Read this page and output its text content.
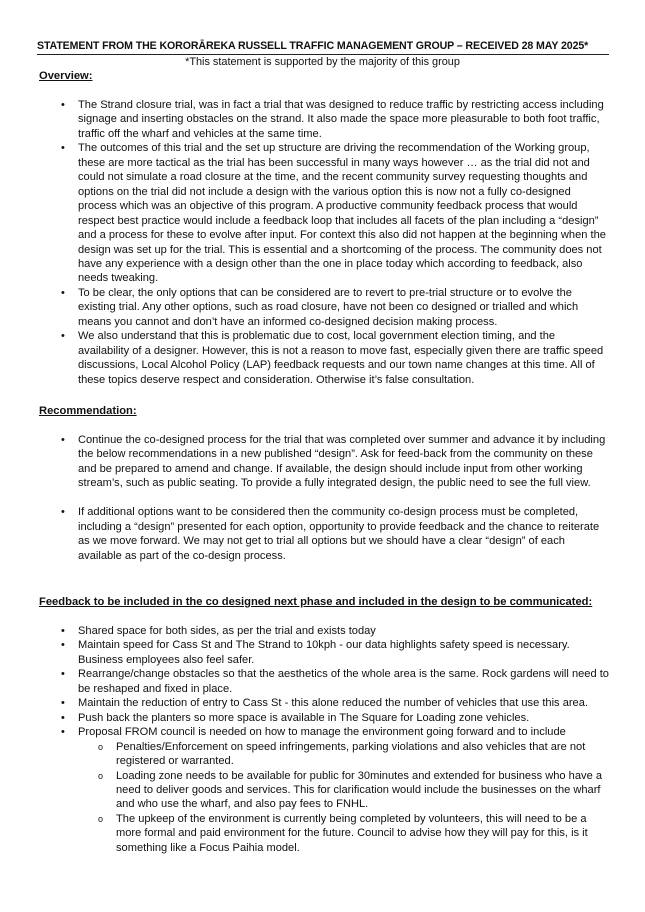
STATEMENT FROM THE KORORĀREKA RUSSELL TRAFFIC MANAGEMENT GROUP – RECEIVED 28 MAY 2025*

*This statement is supported by the majority of this group

Overview:

• The Strand closure trial, was in fact a trial that was designed to reduce traffic by restricting access including signage and inserting obstacles on the strand. It also made the space more pleasurable to both foot traffic, traffic off the wharf and vehicles at the same time.
• The outcomes of this trial and the set up structure are driving the recommendation of the Working group, these are more tactical as the trial has been successful in many ways however … as the trial did not and could not simulate a road closure at the time, and the recent community survey requesting thoughts and options on the trial did not include a design with the various option this is now not a fully co-designed process which was an objective of this program. A productive community feedback process that would respect best practice would include a feedback loop that includes all facets of the plan including a “design” and a process for these to evolve after input. For context this also did not happen at the beginning when the design was set up for the trial. This is essential and a shortcoming of the process. The community does not have any experience with a design other than the one in place today which according to feedback, also needs tweaking.
• To be clear, the only options that can be considered are to revert to pre-trial structure or to evolve the existing trial. Any other options, such as road closure, have not been co designed or trialled and which means you cannot and don’t have an informed co-designed decision making process.
• We also understand that this is problematic due to cost, local government election timing, and the availability of a designer. However, this is not a reason to move fast, especially given there are traffic speed discussions, Local Alcohol Policy (LAP) feedback requests and our town name changes at this time. All of these topics deserve respect and consideration. Otherwise it’s false consultation.

Recommendation:

• Continue the co-designed process for the trial that was completed over summer and advance it by including the below recommendations in a new published “design”. Ask for feed-back from the community on these and be prepared to amend and change. If available, the design should include input from other working stream’s, such as public seating. To provide a fully integrated design, the public need to see the full view.
• If additional options want to be considered then the community co-design process must be completed, including a “design” presented for each option, opportunity to provide feedback and the chance to reiterate as we move forward. We may not get to trial all options but we should have a clear “design” of each available as part of the co-design process.

Feedback to be included in the co designed next phase and included in the design to be communicated:

• Shared space for both sides, as per the trial and exists today
• Maintain speed for Cass St and The Strand to 10kph - our data highlights safety speed is necessary. Business employees also feel safer.
• Rearrange/change obstacles so that the aesthetics of the whole area is the same. Rock gardens will need to be reshaped and fixed in place.
• Maintain the reduction of entry to Cass St - this alone reduced the number of vehicles that use this area.
• Push back the planters so more space is available in The Square for Loading zone vehicles.
• Proposal FROM council is needed on how to manage the environment going forward and to include
o Penalties/Enforcement on speed infringements, parking violations and also vehicles that are not registered or warranted.
o Loading zone needs to be available for public for 30minutes and extended for business who have a need to deliver goods and services. This for clarification would include the businesses on the wharf and who use the wharf, and also pay fees to FNHL.
o The upkeep of the environment is currently being completed by volunteers, this will need to be a more formal and paid environment for the future. Council to advise how they will pay for this, is it something like a Focus Paihia model.
